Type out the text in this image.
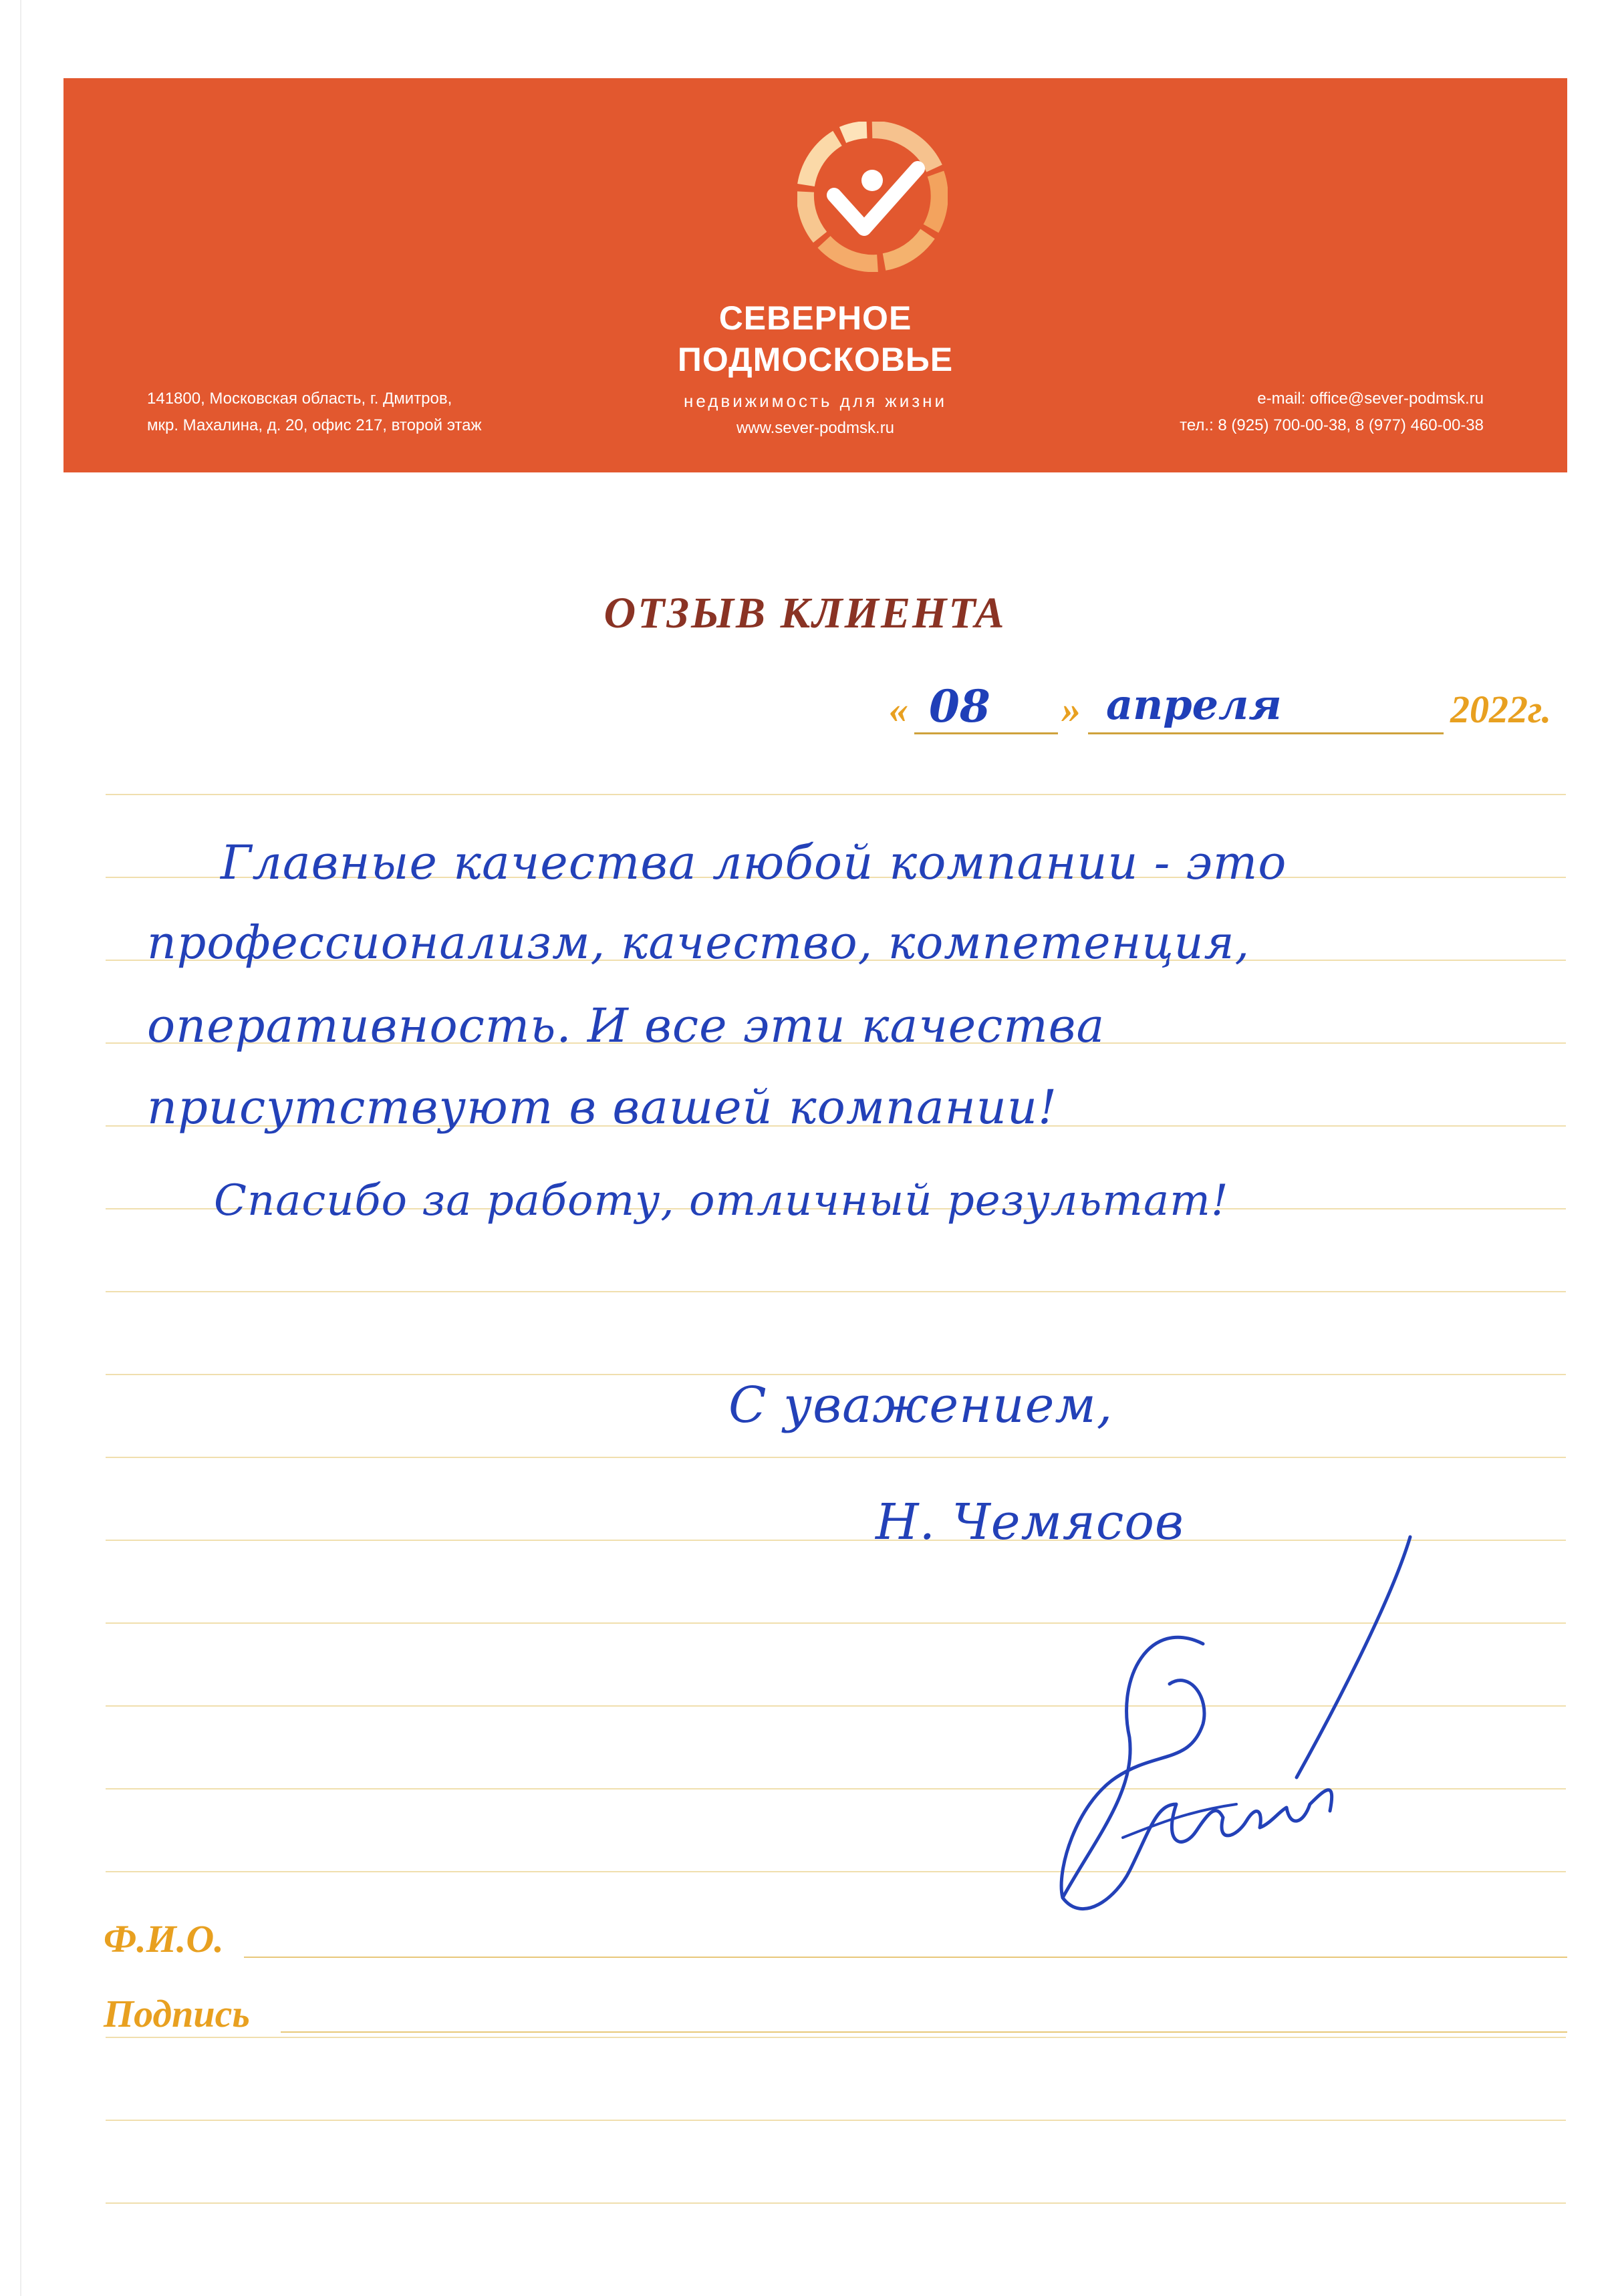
СЕВЕРНОЕ
ПОДМОСКОВЬЕ
недвижимость для жизни
www.sever-podmsk.ru
141800, Московская область, г. Дмитров,
мкр. Махалина, д. 20, офис 217, второй этаж
e-mail: office@sever-podmsk.ru
тел.: 8 (925) 700-00-38, 8 (977) 460-00-38
ОТЗЫВ КЛИЕНТА
« 08 » апреля	2022г.
Главные качества любой компании - это
профессионализм, качество, компетенция,
оперативность. И все эти качества
присутствуют в вашей компании!
Спасибо за работу, отличный результат!
С уважением,
Н. Чемясов
Ф.И.О.
Подпись
